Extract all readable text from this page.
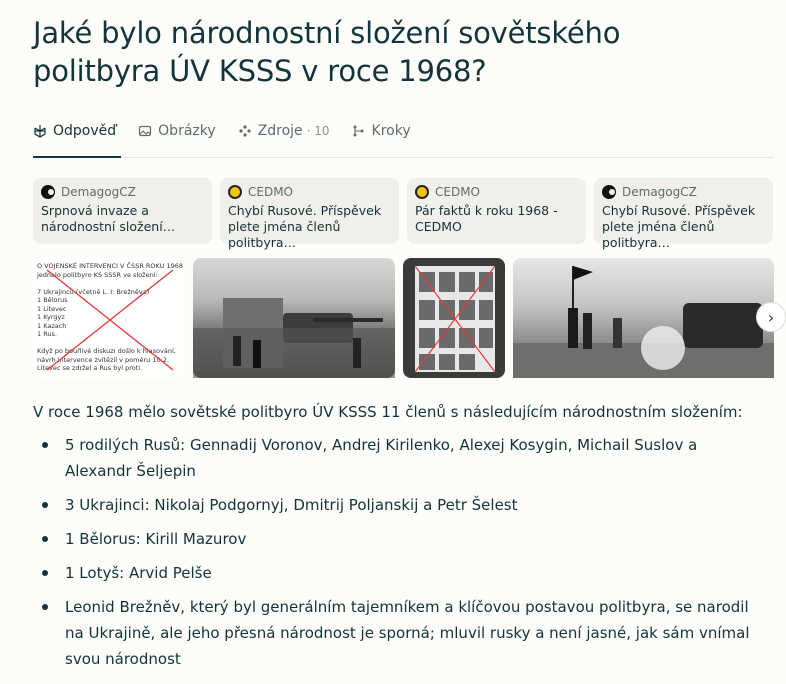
Jaké bylo národnostní složení sovětského politbyra ÚV KSSS v roce 1968?
Odpověď	Obrázky	Zdroje · 10	Kroky
DemagogCZ
Srpnová invaze a národnostní složení…
CEDMO
Chybí Rusové. Příspěvek plete jména členů politbyra…
CEDMO
Pár faktů k roku 1968 - CEDMO
DemagogCZ
Chybí Rusové. Příspěvek plete jména členů politbyra…
O VOJENSKÉ INTERVENCI V ČSSR ROKU 1968
jednalo politbyro KS SSSR ve složení:

7 Ukrajinců (včetně L. I. Brežněva)
1 Bělorus
1 Litevec
1 Kyrgyz
1 Kazach
1 Rus.

Když po bouřlivé diskuzi došlo k hlasování,
návrh intervence zvítězil v poměru 10:2.
Litevec se zdržel a Rus byl proti.
›

V roce 1968 mělo sovětské politbyro ÚV KSSS 11 členů s následujícím národnostním složením:

5 rodilých Rusů: Gennadij Voronov, Andrej Kirilenko, Alexej Kosygin, Michail Suslov a Alexandr Šeljepin
3 Ukrajinci: Nikolaj Podgornyj, Dmitrij Poljanskij a Petr Šelest
1 Bělorus: Kirill Mazurov
1 Lotyš: Arvid Pelše
Leonid Brežněv, který byl generálním tajemníkem a klíčovou postavou politbyra, se narodil na Ukrajině, ale jeho přesná národnost je sporná; mluvil rusky a není jasné, jak sám vnímal svou národnost
